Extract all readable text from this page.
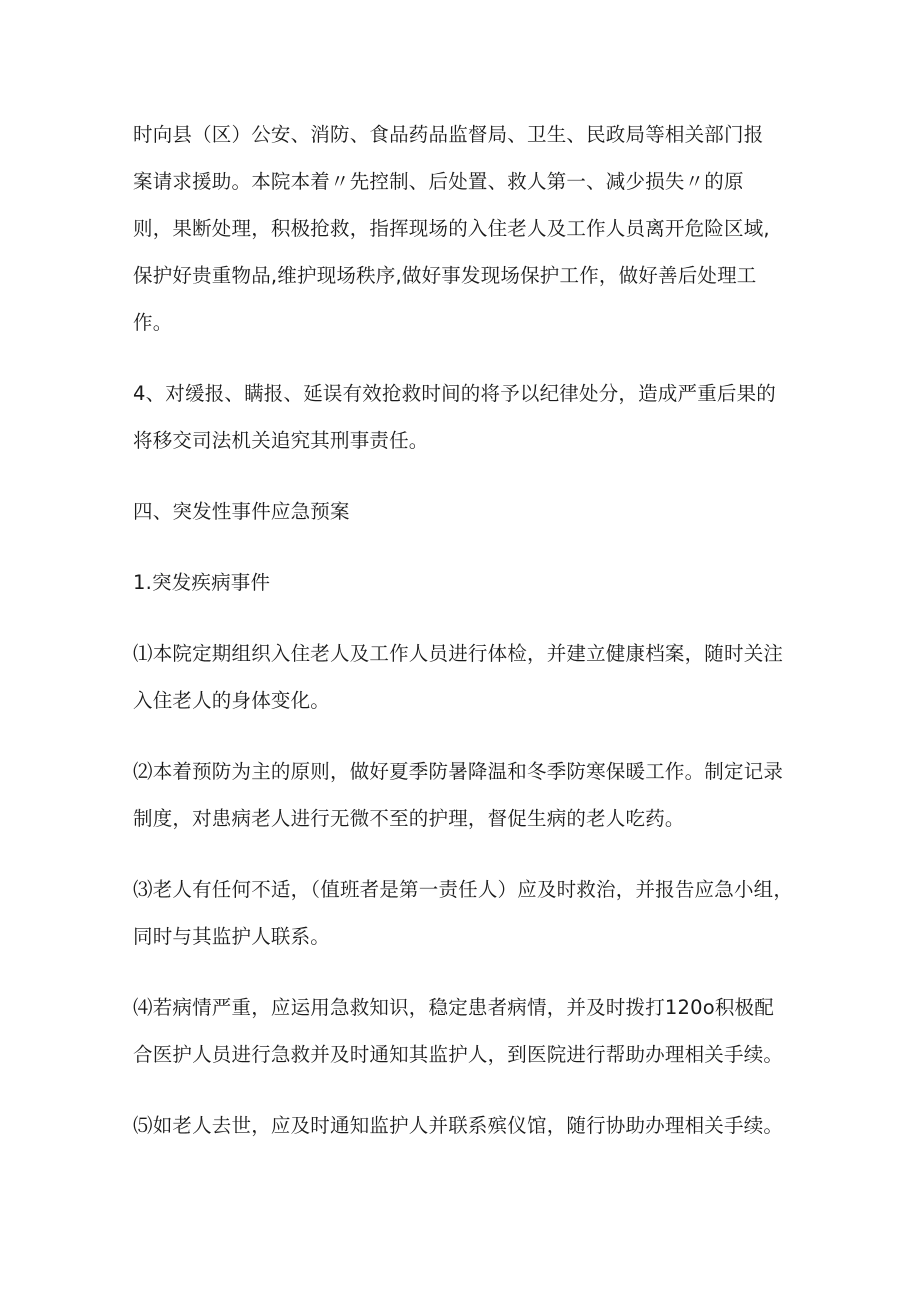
时向县（区）公安、消防、食品药品监督局、卫生、民政局等相关部门报
案请求援助。本院本着〃先控制、后处置、救人第一、减少损失〃的原
则，果断处理，积极抢救，指挥现场的入住老人及工作人员离开危险区域,
保护好贵重物品,维护现场秩序,做好事发现场保护工作，做好善后处理工
作。

4、对缓报、瞒报、延误有效抢救时间的将予以纪律处分，造成严重后果的
将移交司法机关追究其刑事责任。

四、突发性事件应急预案

1.突发疾病事件

⑴本院定期组织入住老人及工作人员进行体检，并建立健康档案，随时关注
入住老人的身体变化。

⑵本着预防为主的原则，做好夏季防暑降温和冬季防寒保暖工作。制定记录
制度，对患病老人进行无微不至的护理，督促生病的老人吃药。

⑶老人有任何不适，（值班者是第一责任人）应及时救治，并报告应急小组，
同时与其监护人联系。

⑷若病情严重，应运用急救知识，稳定患者病情，并及时拨打120o积极配
合医护人员进行急救并及时通知其监护人，到医院进行帮助办理相关手续。

⑸如老人去世，应及时通知监护人并联系殡仪馆，随行协助办理相关手续。
